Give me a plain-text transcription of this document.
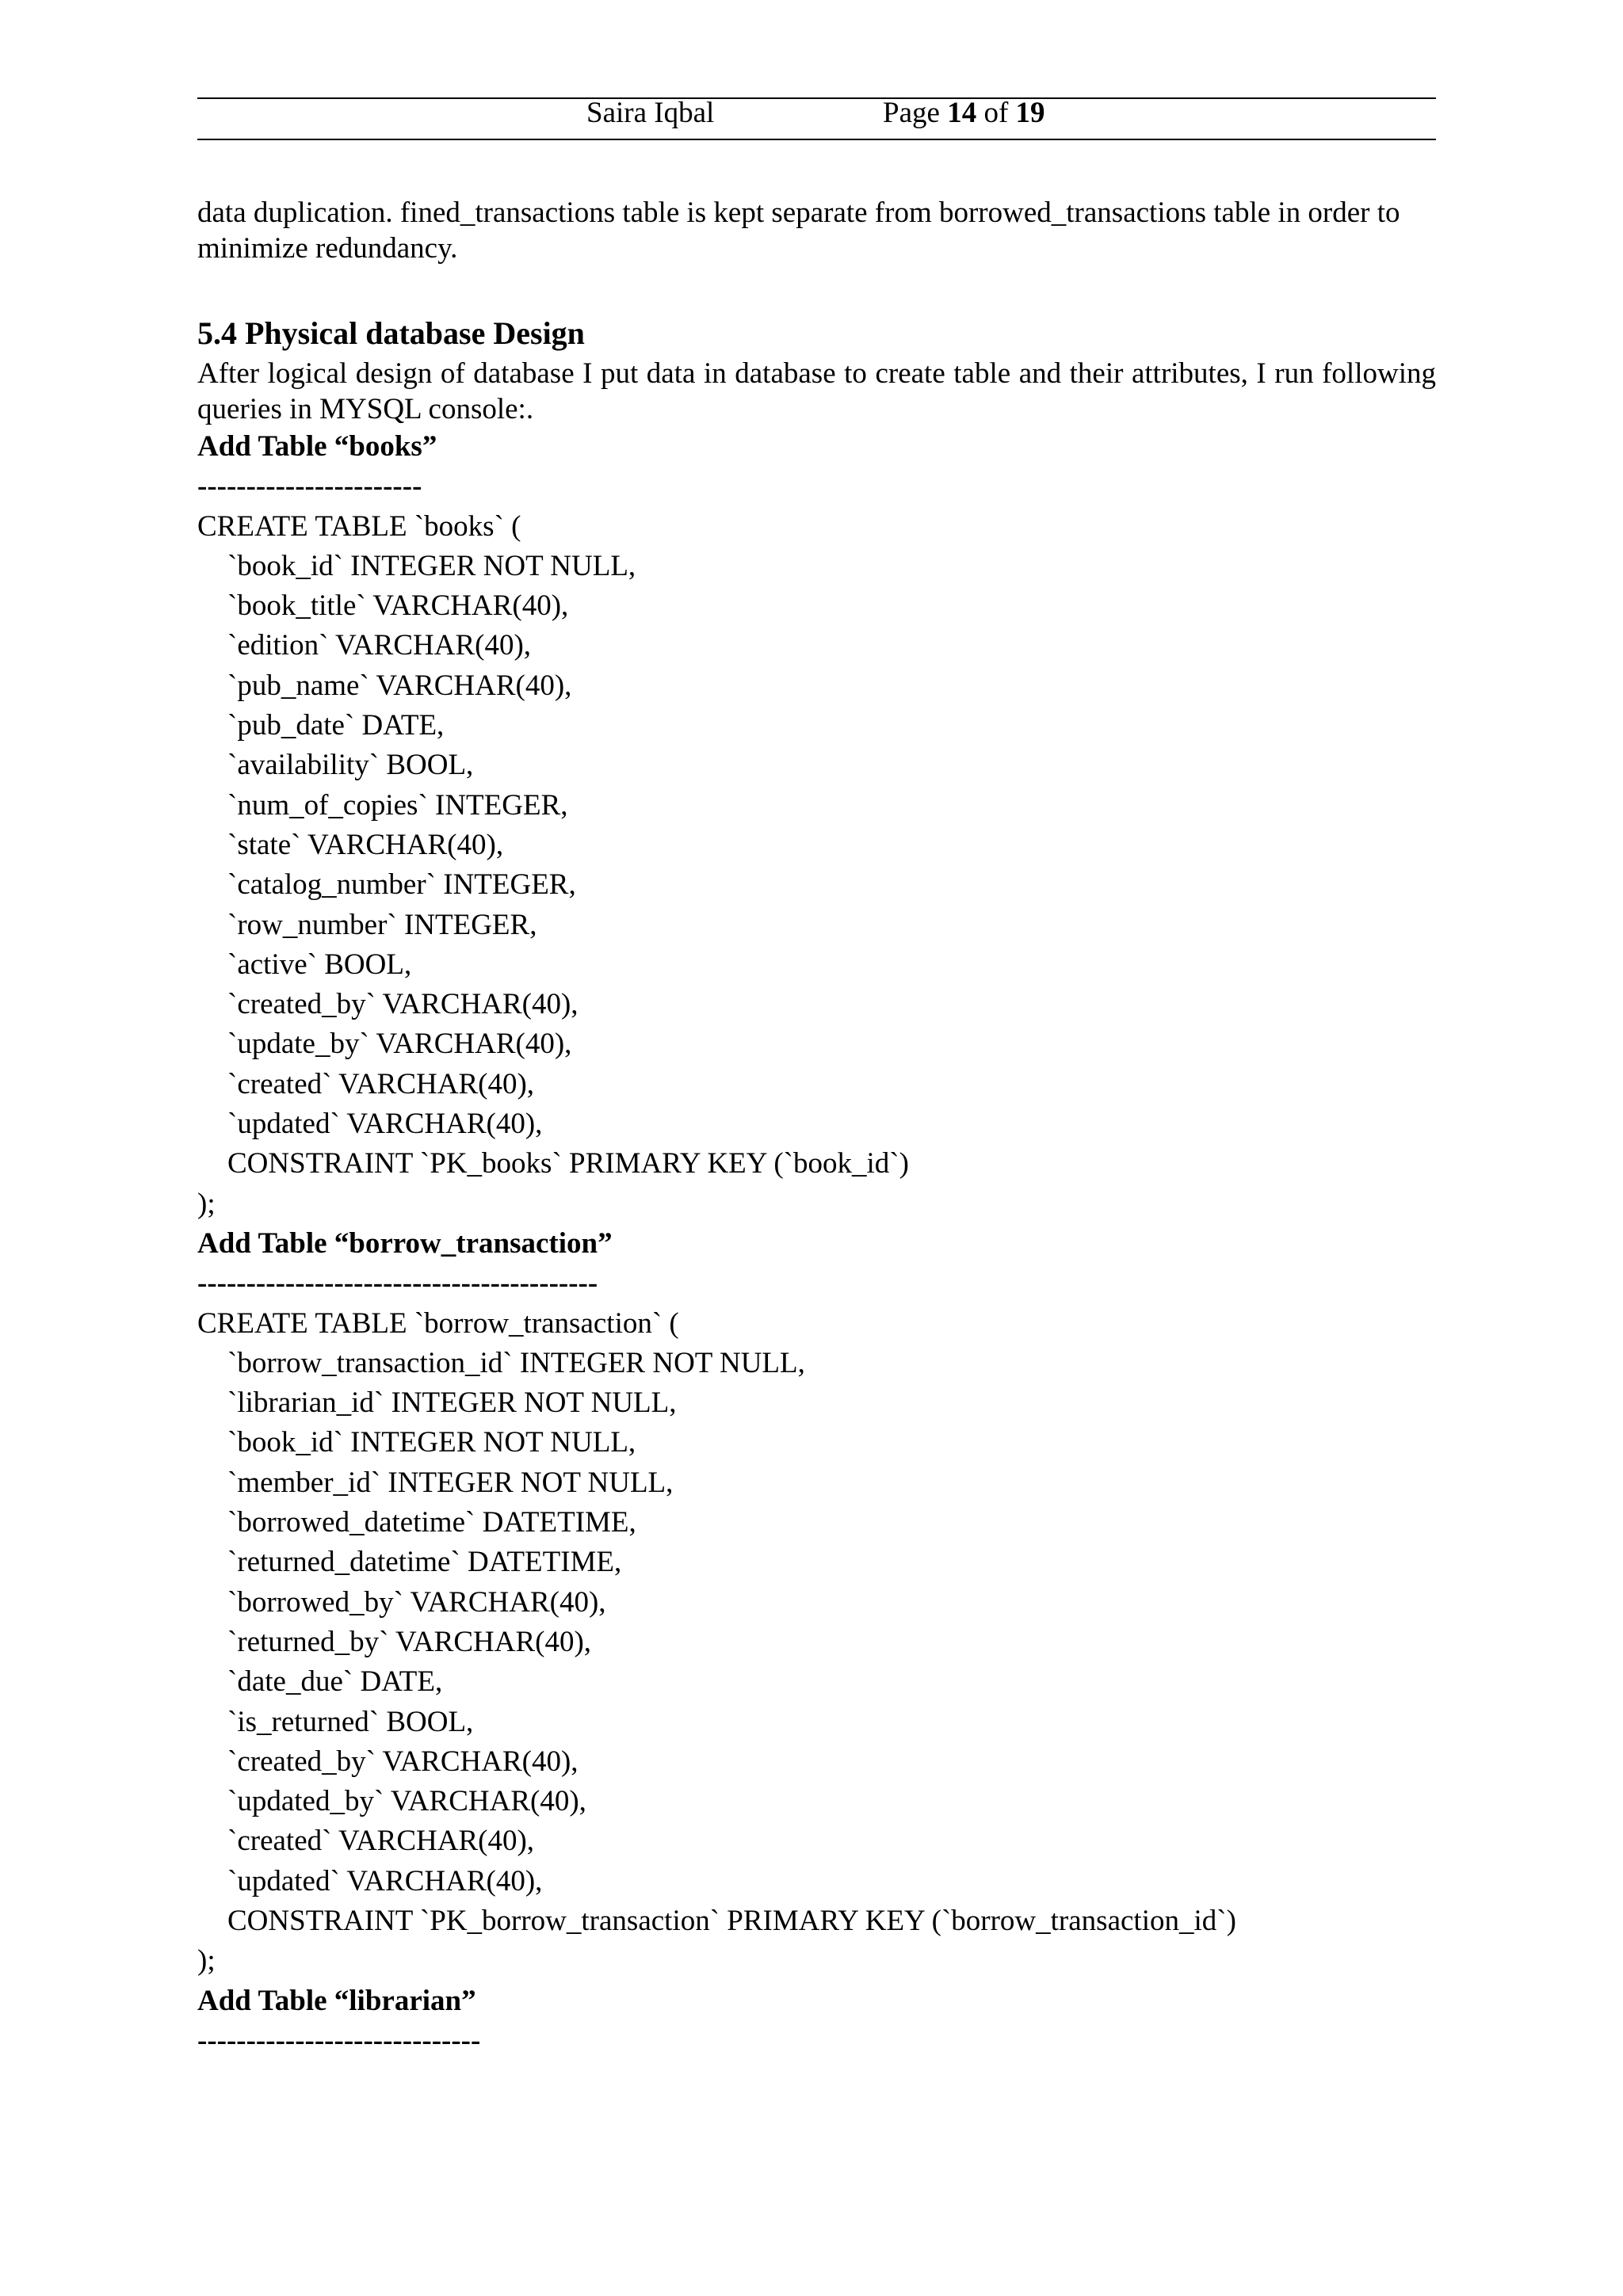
Saira Iqbal	Page 14 of 19

data duplication. fined_transactions table is kept separate from borrowed_transactions table in order to minimize redundancy.

5.4 Physical database Design

After logical design of database I put data in database to create table and their attributes, I run following queries in MYSQL console:.

Add Table “books”
-----------------------
CREATE TABLE `books` (
`book_id` INTEGER NOT NULL,
`book_title` VARCHAR(40),
`edition` VARCHAR(40),
`pub_name` VARCHAR(40),
`pub_date` DATE,
`availability` BOOL,
`num_of_copies` INTEGER,
`state` VARCHAR(40),
`catalog_number` INTEGER,
`row_number` INTEGER,
`active` BOOL,
`created_by` VARCHAR(40),
`update_by` VARCHAR(40),
`created` VARCHAR(40),
`updated` VARCHAR(40),
CONSTRAINT `PK_books` PRIMARY KEY (`book_id`)
);
Add Table “borrow_transaction”
-----------------------------------------
CREATE TABLE `borrow_transaction` (
`borrow_transaction_id` INTEGER NOT NULL,
`librarian_id` INTEGER NOT NULL,
`book_id` INTEGER NOT NULL,
`member_id` INTEGER NOT NULL,
`borrowed_datetime` DATETIME,
`returned_datetime` DATETIME,
`borrowed_by` VARCHAR(40),
`returned_by` VARCHAR(40),
`date_due` DATE,
`is_returned` BOOL,
`created_by` VARCHAR(40),
`updated_by` VARCHAR(40),
`created` VARCHAR(40),
`updated` VARCHAR(40),
CONSTRAINT `PK_borrow_transaction` PRIMARY KEY (`borrow_transaction_id`)
);
Add Table “librarian”
-----------------------------
